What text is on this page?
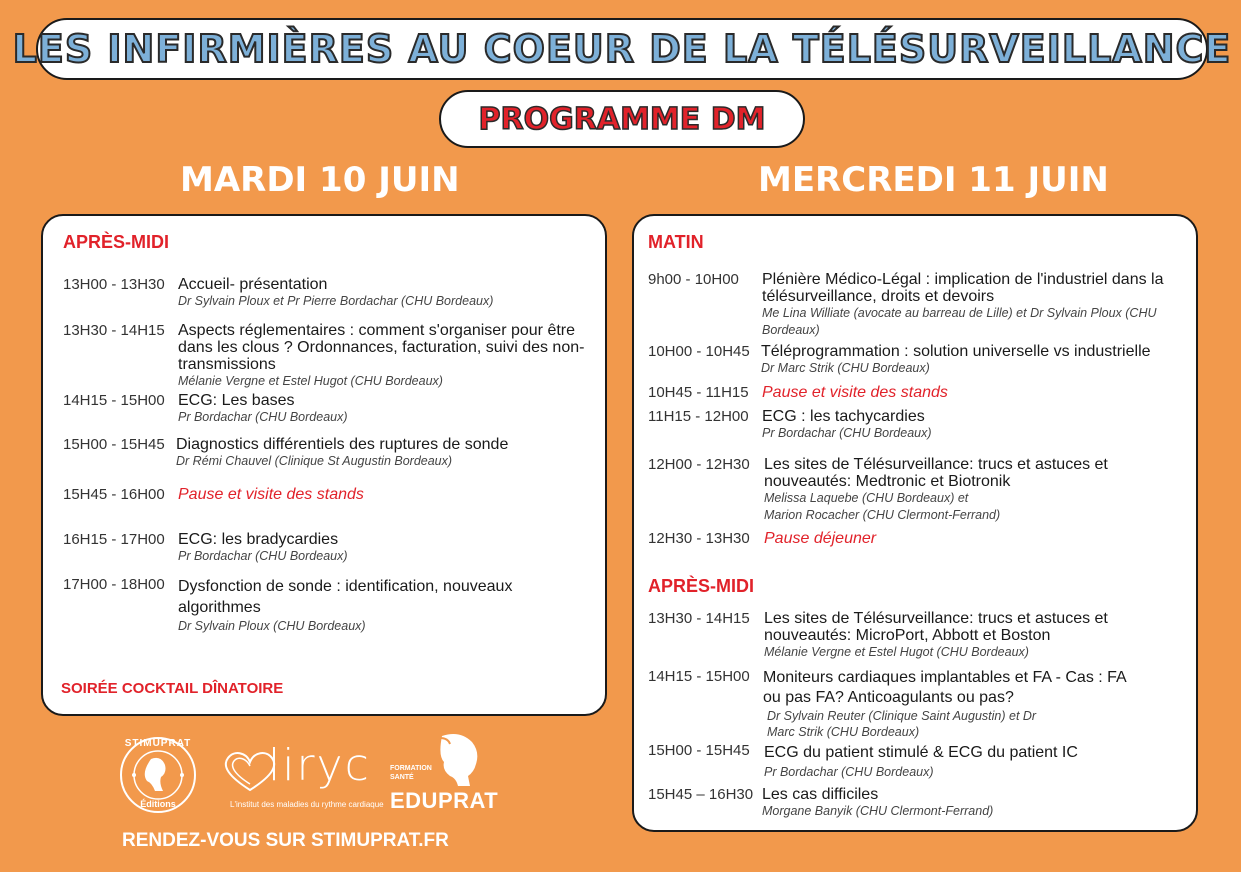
LES INFIRMIÈRES AU COEUR DE LA TÉLÉSURVEILLANCE
PROGRAMME DM
MARDI 10 JUIN	MERCREDI 11 JUIN
APRÈS-MIDI
13H00 - 13H30 Accueil- présentation
Dr Sylvain Ploux et Pr Pierre Bordachar (CHU Bordeaux)
13H30 - 14H15 Aspects réglementaires : comment s'organiser pour être dans les clous ? Ordonnances, facturation, suivi des non-transmissions
Mélanie Vergne et Estel Hugot (CHU Bordeaux)
14H15 - 15H00 ECG: Les bases
Pr Bordachar (CHU Bordeaux)
15H00 - 15H45 Diagnostics différentiels des ruptures de sonde
Dr Rémi Chauvel (Clinique St Augustin Bordeaux)
15H45 - 16H00 Pause et visite des stands
16H15 - 17H00 ECG: les bradycardies
Pr Bordachar (CHU Bordeaux)
17H00 - 18H00 Dysfonction de sonde : identification, nouveaux algorithmes
Dr Sylvain Ploux (CHU Bordeaux)
SOIRÉE COCKTAIL DÎNATOIRE
MATIN
9h00 - 10H00 Plénière Médico-Légal : implication de l'industriel dans la télésurveillance, droits et devoirs
Me Lina Williate (avocate au barreau de Lille) et Dr Sylvain Ploux (CHU Bordeaux)
10H00 - 10H45 Téléprogrammation : solution universelle vs industrielle
Dr Marc Strik (CHU Bordeaux)
10H45 - 11H15 Pause et visite des stands
11H15 - 12H00 ECG : les tachycardies
Pr Bordachar (CHU Bordeaux)
12H00 - 12H30 Les sites de Télésurveillance: trucs et astuces et nouveautés: Medtronic et Biotronik
Melissa Laquebe (CHU Bordeaux) et Marion Rocacher (CHU Clermont-Ferrand)
12H30 - 13H30 Pause déjeuner
APRÈS-MIDI
13H30 - 14H15 Les sites de Télésurveillance: trucs et astuces et nouveautés: MicroPort, Abbott et Boston
Mélanie Vergne et Estel Hugot (CHU Bordeaux)
14H15 - 15H00 Moniteurs cardiaques implantables et FA - Cas : FA ou pas FA? Anticoagulants ou pas?
Dr Sylvain Reuter (Clinique Saint Augustin) et Dr Marc Strik (CHU Bordeaux)
15H00 - 15H45 ECG du patient stimulé & ECG du patient IC
Pr Bordachar (CHU Bordeaux)
15H45 – 16H30 Les cas difficiles
Morgane Banyik (CHU Clermont-Ferrand)
STIMUPRAT
Éditions
liryc
L'institut des maladies du rythme cardiaque
FORMATION SANTÉ
EDUPRAT
RENDEZ-VOUS SUR STIMUPRAT.FR
